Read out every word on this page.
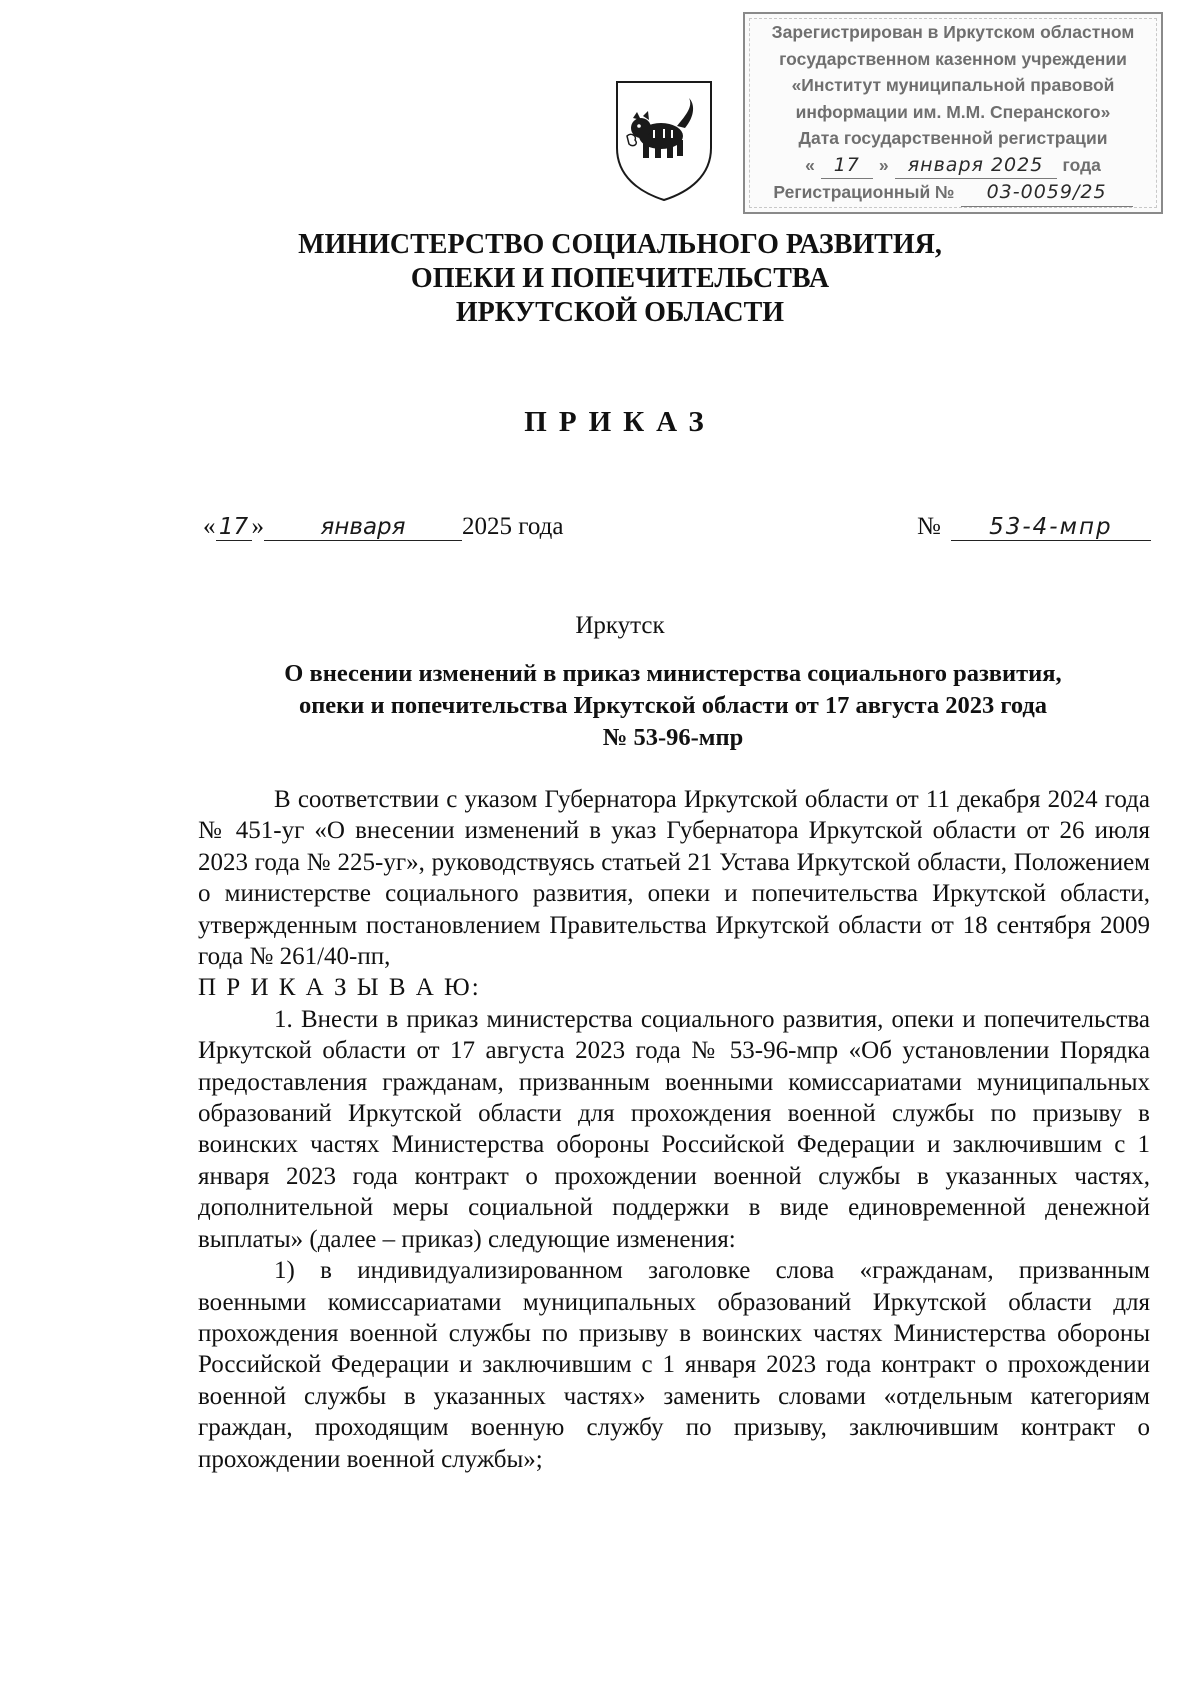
Зарегистрирован в Иркутском областном
государственном казенном учреждении
«Институт муниципальной правовой
информации им. М.М. Сперанского»
Дата государственной регистрации
« 17	»	января 2025	года
Регистрационный №	03-0059/25
МИНИСТЕРСТВО СОЦИАЛЬНОГО РАЗВИТИЯ,
ОПЕКИ И ПОПЕЧИТЕЛЬСТВА
ИРКУТСКОЙ ОБЛАСТИ
ПРИКАЗ
« 17 »	января	2025 года	№	53-4-мпр
Иркутск
О внесении изменений в приказ министерства социального развития,
опеки и попечительства Иркутской области от 17 августа 2023 года
№ 53-96-мпр

В соответствии с указом Губернатора Иркутской области от 11 декабря 2024 года № 451-уг «О внесении изменений в указ Губернатора Иркутской области от 26 июля 2023 года № 225-уг», руководствуясь статьей 21 Устава Иркутской области, Положением о министерстве социального развития, опеки и попечительства Иркутской области, утвержденным постановлением Правительства Иркутской области от 18 сентября 2009 года № 261/40-пп,

П Р И К А З Ы В А Ю:

1. Внести в приказ министерства социального развития, опеки и попечительства Иркутской области от 17 августа 2023 года № 53-96-мпр «Об установлении Порядка предоставления гражданам, призванным военными комиссариатами муниципальных образований Иркутской области для прохождения военной службы по призыву в воинских частях Министерства обороны Российской Федерации и заключившим с 1 января 2023 года контракт о прохождении военной службы в указанных частях, дополнительной меры социальной поддержки в виде единовременной денежной выплаты» (далее – приказ) следующие изменения:

1) в индивидуализированном заголовке слова «гражданам, призванным военными комиссариатами муниципальных образований Иркутской области для прохождения военной службы по призыву в воинских частях Министерства обороны Российской Федерации и заключившим с 1 января 2023 года контракт о прохождении военной службы в указанных частях» заменить словами «отдельным категориям граждан, проходящим военную службу по призыву, заключившим контракт о прохождении военной службы»;
